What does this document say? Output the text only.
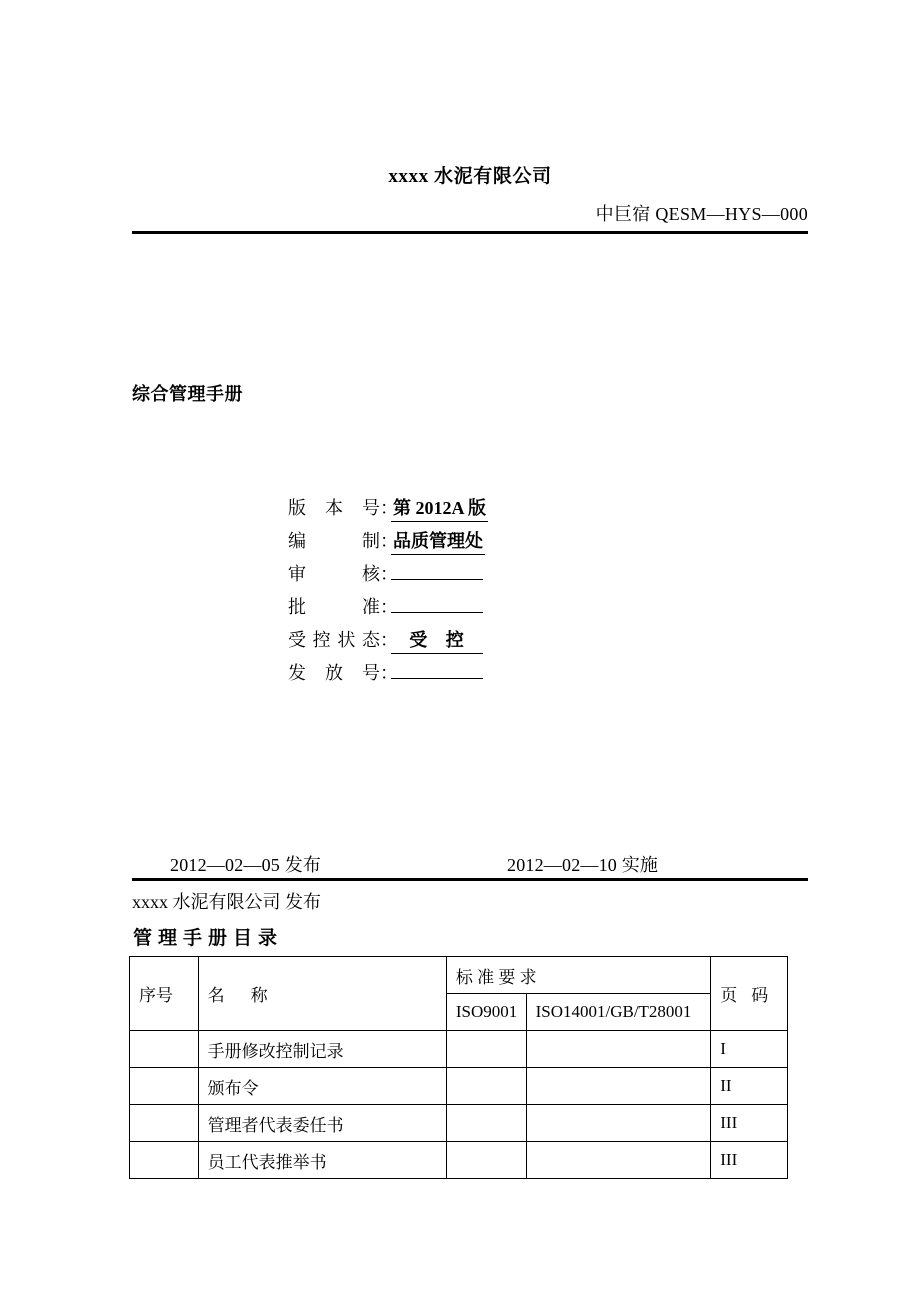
xxxx 水泥有限公司
中巨宿 QESM—HYS—000
综合管理手册
版 本 号 ：
第 2012A 版
编 制 ：
品质管理处
审 核 ：
批 准 ：
受控状态 ： 受 控
发 放 号 ：
2012—02—05 发布	2012—02—10 实施
xxxx 水泥有限公司 发布
管理手册目录
序号	名 称	标 准 要 求		页 码
		ISO9001	ISO14001/GB/T28001	
	手册修改控制记录			I
	颁布令			II
	管理者代表委任书			III
	员工代表推举书			III
